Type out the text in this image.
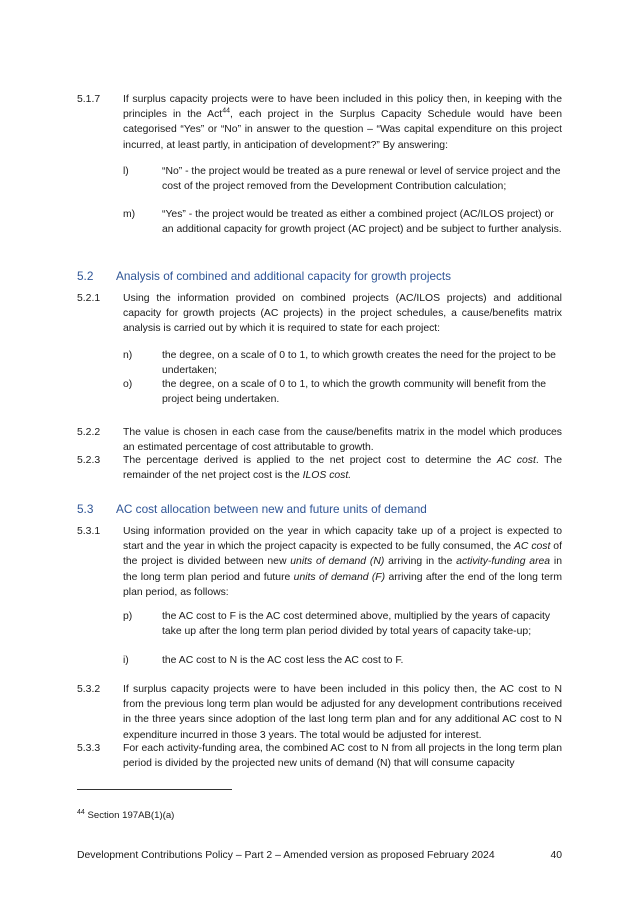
5.1.7 If surplus capacity projects were to have been included in this policy then, in keeping with the principles in the Act$^{44}$, each project in the Surplus Capacity Schedule would have been categorised “Yes” or “No” in answer to the question – “Was capital expenditure on this project incurred, at least partly, in anticipation of development?” By answering:
l)	“No” - the project would be treated as a pure renewal or level of service project and the cost of the project removed from the Development Contribution calculation;
m)	“Yes” - the project would be treated as either a combined project (AC/ILOS project) or an additional capacity for growth project (AC project) and be subject to further analysis.
5.2 Analysis of combined and additional capacity for growth projects
5.2.1 Using the information provided on combined projects (AC/ILOS projects) and additional capacity for growth projects (AC projects) in the project schedules, a cause/benefits matrix analysis is carried out by which it is required to state for each project:
n)	the degree, on a scale of 0 to 1, to which growth creates the need for the project to be undertaken;
o)	the degree, on a scale of 0 to 1, to which the growth community will benefit from the project being undertaken.
5.2.2 The value is chosen in each case from the cause/benefits matrix in the model which produces an estimated percentage of cost attributable to growth.
5.2.3 The percentage derived is applied to the net project cost to determine the AC cost. The remainder of the net project cost is the ILOS cost.
5.3 AC cost allocation between new and future units of demand
5.3.1 Using information provided on the year in which capacity take up of a project is expected to start and the year in which the project capacity is expected to be fully consumed, the AC cost of the project is divided between new units of demand (N) arriving in the activity-funding area in the long term plan period and future units of demand (F) arriving after the end of the long term plan period, as follows:
p)	the AC cost to F is the AC cost determined above, multiplied by the years of capacity take up after the long term plan period divided by total years of capacity take-up;
i)	the AC cost to N is the AC cost less the AC cost to F.
5.3.2 If surplus capacity projects were to have been included in this policy then, the AC cost to N from the previous long term plan would be adjusted for any development contributions received in the three years since adoption of the last long term plan and for any additional AC cost to N expenditure incurred in those 3 years. The total would be adjusted for interest.
5.3.3 For each activity-funding area, the combined AC cost to N from all projects in the long term plan period is divided by the projected new units of demand (N) that will consume capacity
$^{44}$ Section 197AB(1)(a)
Development Contributions Policy – Part 2 – Amended version as proposed February 2024	40
